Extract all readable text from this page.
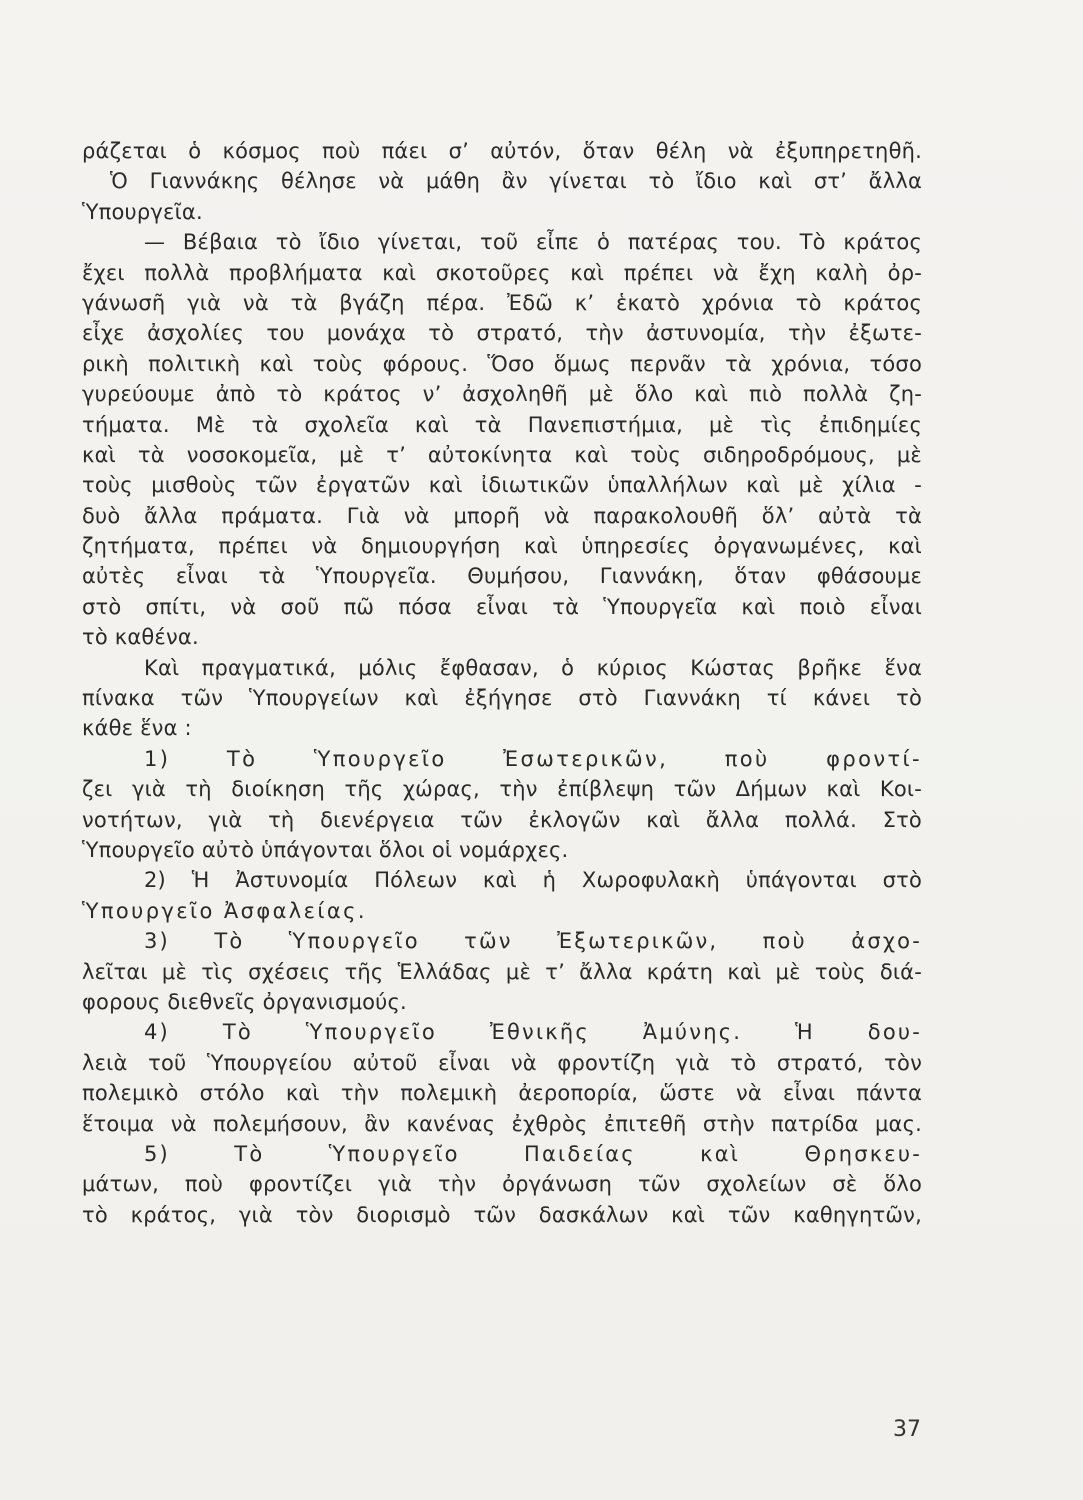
ράζεται ὁ κόσμος ποὺ πάει σ’ αὐτόν, ὅταν θέλη νὰ ἐξυπηρετηθῆ.
Ὁ Γιαννάκης θέλησε νὰ μάθη ἂν γίνεται τὸ ἴδιο καὶ στ’ ἄλλα
Ὑπουργεῖα.
— Βέβαια τὸ ἴδιο γίνεται, τοῦ εἶπε ὁ πατέρας του. Τὸ κράτος
ἔχει πολλὰ προβλήματα καὶ σκοτοῦρες καὶ πρέπει νὰ ἔχη καλὴ ὀρ-
γάνωσῆ γιὰ νὰ τὰ βγάζη πέρα. Ἐδῶ κ’ ἑκατὸ χρόνια τὸ κράτος
εἶχε ἀσχολίες του μονάχα τὸ στρατό, τὴν ἀστυνομία, τὴν ἐξωτε-
ρικὴ πολιτικὴ καὶ τοὺς φόρους. Ὅσο ὅμως περνᾶν τὰ χρόνια, τόσο
γυρεύουμε ἀπὸ τὸ κράτος ν’ ἀσχοληθῆ μὲ ὅλο καὶ πιὸ πολλὰ ζη-
τήματα. Μὲ τὰ σχολεῖα καὶ τὰ Πανεπιστήμια, μὲ τὶς ἐπιδημίες
καὶ τὰ νοσοκομεῖα, μὲ τ’ αὐτοκίνητα καὶ τοὺς σιδηροδρόμους, μὲ
τοὺς μισθοὺς τῶν ἐργατῶν καὶ ἰδιωτικῶν ὑπαλλήλων καὶ μὲ χίλια -
δυὸ ἄλλα πράματα. Γιὰ νὰ μπορῆ νὰ παρακολουθῆ ὅλ’ αὐτὰ τὰ
ζητήματα, πρέπει νὰ δημιουργήση καὶ ὑπηρεσίες ὀργανωμένες, καὶ
αὐτὲς εἶναι τὰ Ὑπουργεῖα. Θυμήσου, Γιαννάκη, ὅταν φθάσουμε
στὸ σπίτι, νὰ σοῦ πῶ πόσα εἶναι τὰ Ὑπουργεῖα καὶ ποιὸ εἶναι
τὸ καθένα.
Καὶ πραγματικά, μόλις ἔφθασαν, ὁ κύριος Κώστας βρῆκε ἕνα
πίνακα τῶν Ὑπουργείων καὶ ἐξήγησε στὸ Γιαννάκη τί κάνει τὸ
κάθε ἕνα :
1) Τὸ Ὑπουργεῖο Ἐσωτερικῶν, ποὺ φροντί-
ζει γιὰ τὴ διοίκηση τῆς χώρας, τὴν ἐπίβλεψη τῶν Δήμων καὶ Κοι-
νοτήτων, γιὰ τὴ διενέργεια τῶν ἐκλογῶν καὶ ἄλλα πολλά. Στὸ
Ὑπουργεῖο αὐτὸ ὑπάγονται ὅλοι οἱ νομάρχες.
2) Ἡ Ἀστυνομία Πόλεων καὶ ἡ Χωροφυλακὴ ὑπάγονται στὸ
Ὑπουργεῖο Ἀσφαλείας.
3) Τὸ Ὑπουργεῖο τῶν Ἐξωτερικῶν, ποὺ ἀσχο-
λεῖται μὲ τὶς σχέσεις τῆς Ἑλλάδας μὲ τ’ ἄλλα κράτη καὶ μὲ τοὺς διά-
φορους διεθνεῖς ὀργανισμούς.
4) Τὸ Ὑπουργεῖο Ἐθνικῆς Ἀμύνης. Ἡ δου-
λειὰ τοῦ Ὑπουργείου αὐτοῦ εἶναι νὰ φροντίζη γιὰ τὸ στρατό, τὸν
πολεμικὸ στόλο καὶ τὴν πολεμικὴ ἀεροπορία, ὥστε νὰ εἶναι πάντα
ἕτοιμα νὰ πολεμήσουν, ἂν κανένας ἐχθρὸς ἐπιτεθῆ στὴν πατρίδα μας.
5) Τὸ Ὑπουργεῖο Παιδείας καὶ Θρησκευ-
μάτων, ποὺ φροντίζει γιὰ τὴν ὀργάνωση τῶν σχολείων σὲ ὅλο
τὸ κράτος, γιὰ τὸν διορισμὸ τῶν δασκάλων καὶ τῶν καθηγητῶν,
37
